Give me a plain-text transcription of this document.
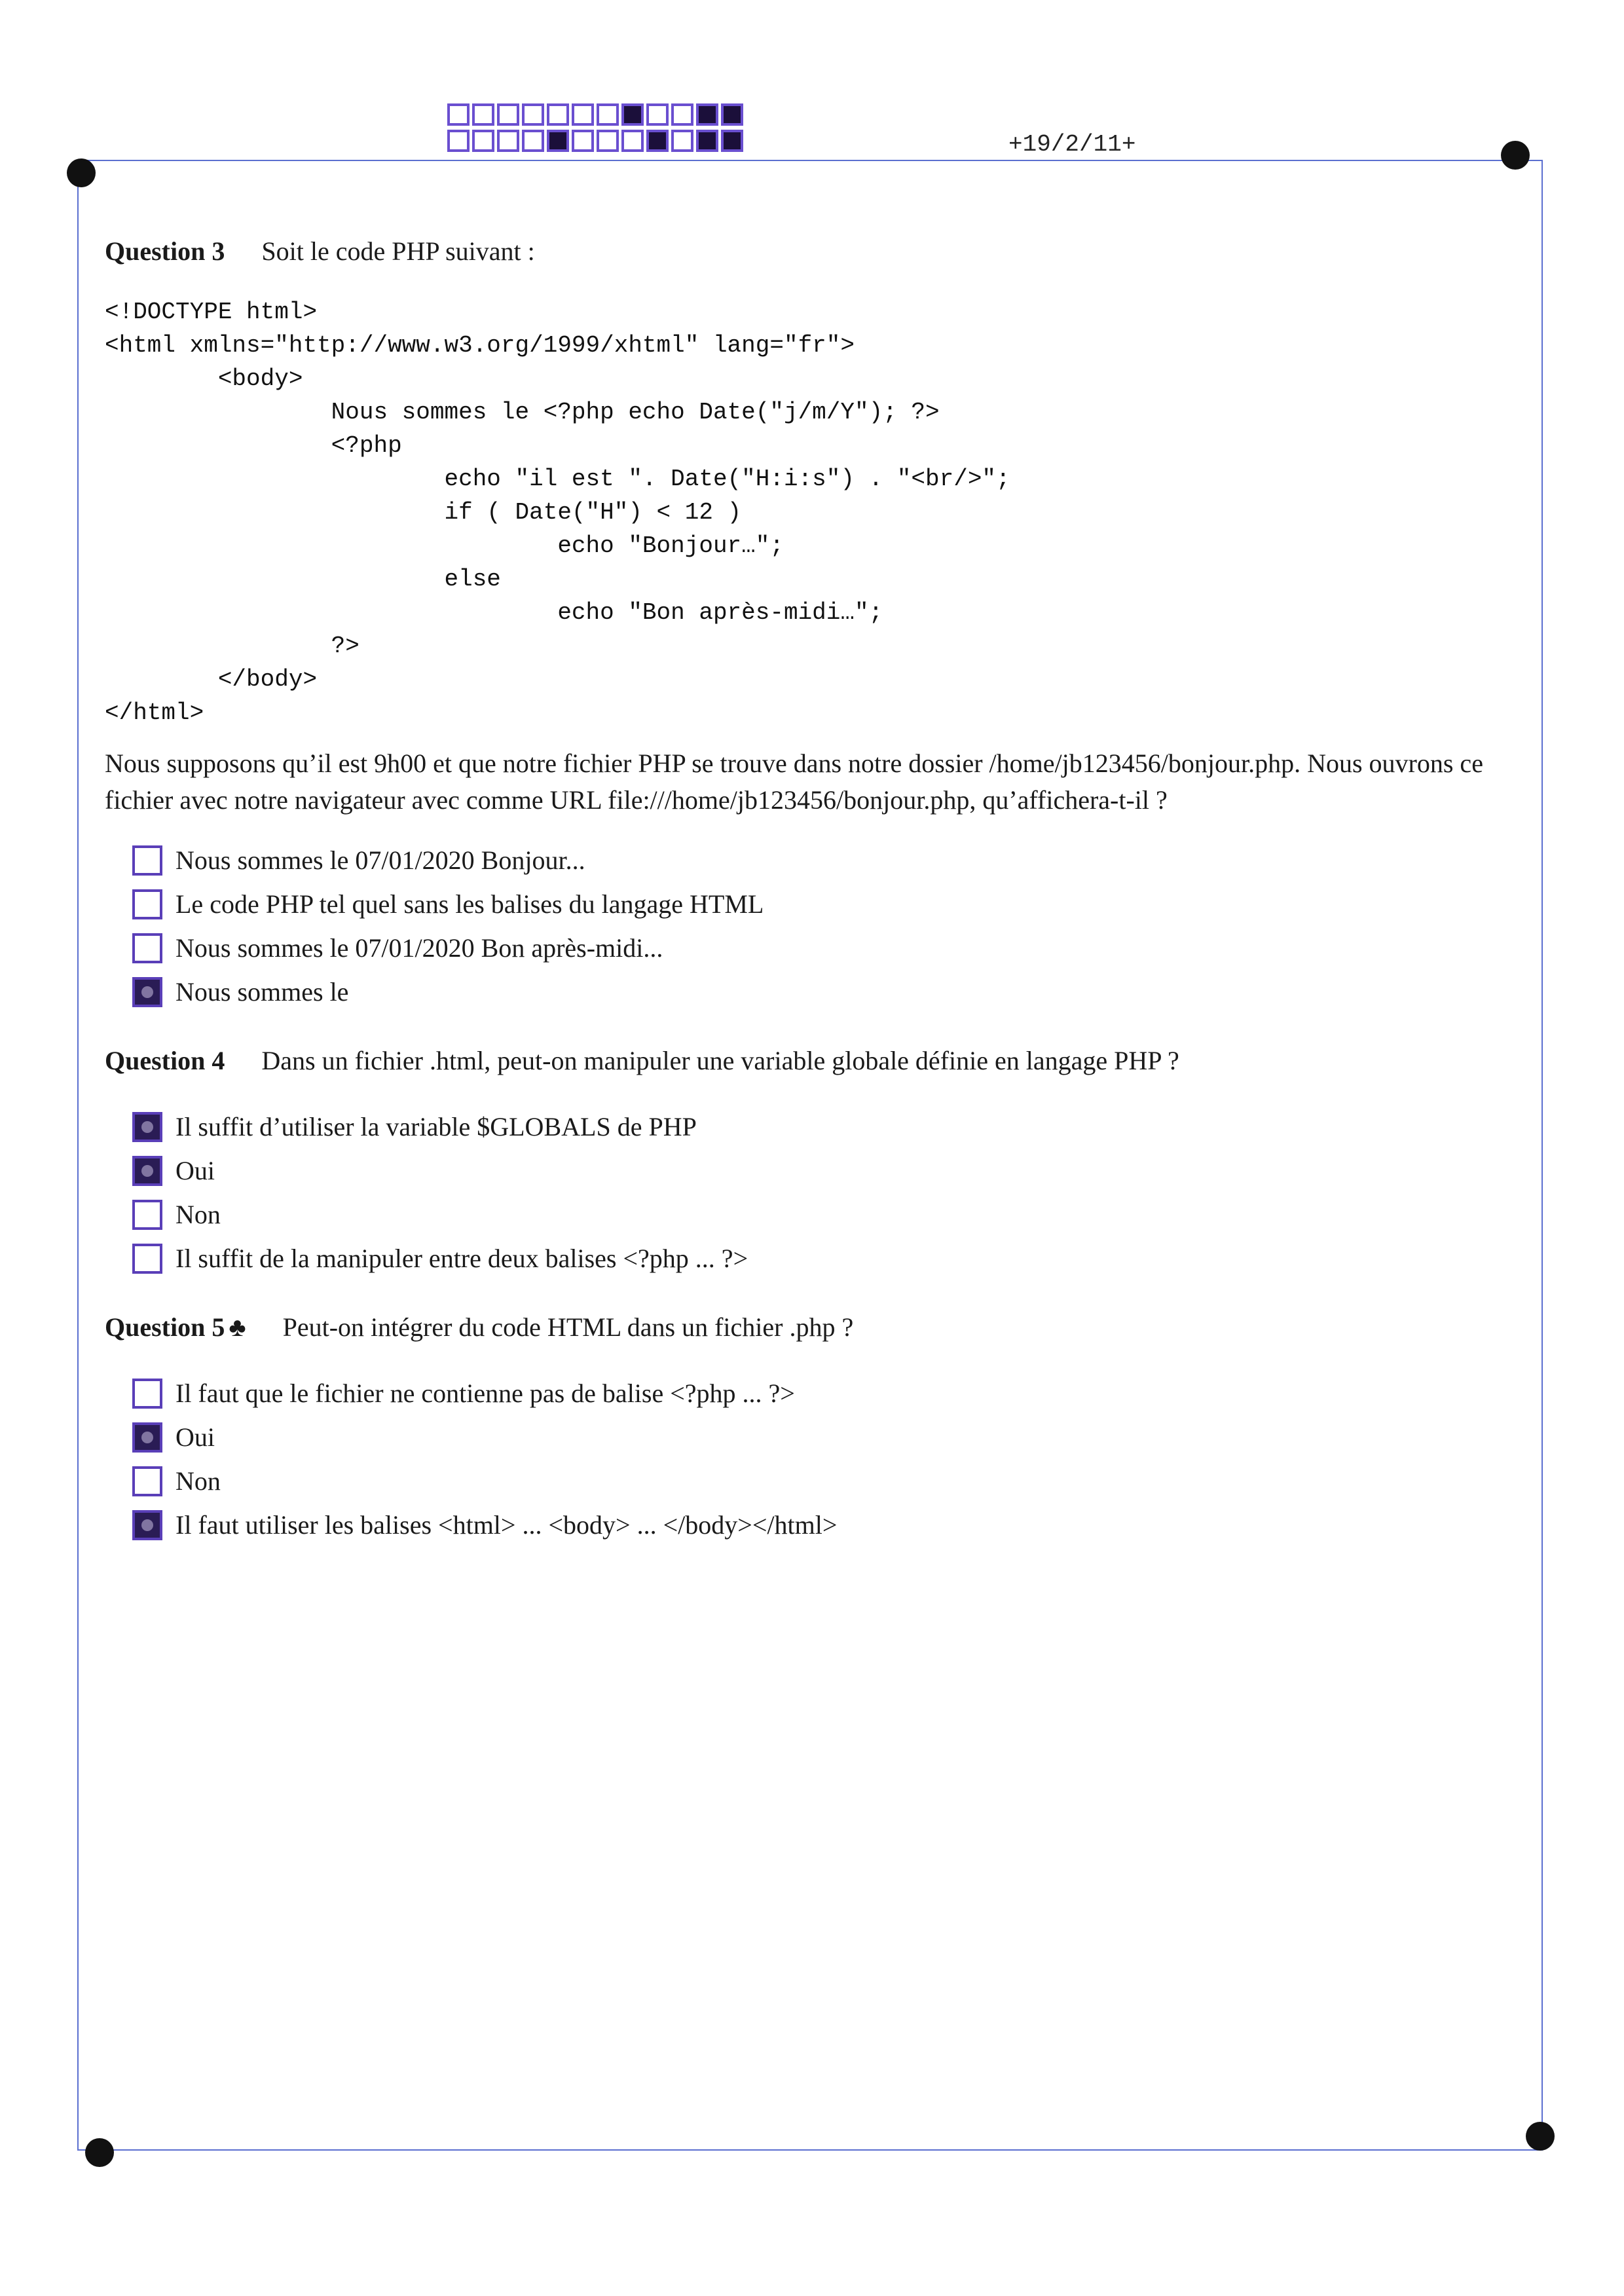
+19/2/11+
Question 3 Soit le code PHP suivant :
<!DOCTYPE html>
<html xmlns="http://www.w3.org/1999/xhtml" lang="fr">
<body>
Nous sommes le <?php echo Date("j/m/Y"); ?>
<?php
echo "il est ". Date("H:i:s") . "<br/>";
if ( Date("H") < 12 )
echo "Bonjour…";
else
echo "Bon après-midi…";
?>
</body>
</html>
Nous supposons qu’il est 9h00 et que notre fichier PHP se trouve dans notre dossier /home/jb123456/bonjour.php. Nous ouvrons ce fichier avec notre navigateur avec comme URL file:///home/jb123456/bonjour.php, qu’affichera-t-il ?
Nous sommes le 07/01/2020 Bonjour...
Le code PHP tel quel sans les balises du langage HTML
Nous sommes le 07/01/2020 Bon après-midi...
Nous sommes le
Question 4 Dans un fichier .html, peut-on manipuler une variable globale définie en langage PHP ?
Il suffit d’utiliser la variable $GLOBALS de PHP
Oui
Non
Il suffit de la manipuler entre deux balises <?php ... ?>
Question 5 ♣ Peut-on intégrer du code HTML dans un fichier .php ?
Il faut que le fichier ne contienne pas de balise <?php ... ?>
Oui
Non
Il faut utiliser les balises <html> ... <body> ... </body></html>
